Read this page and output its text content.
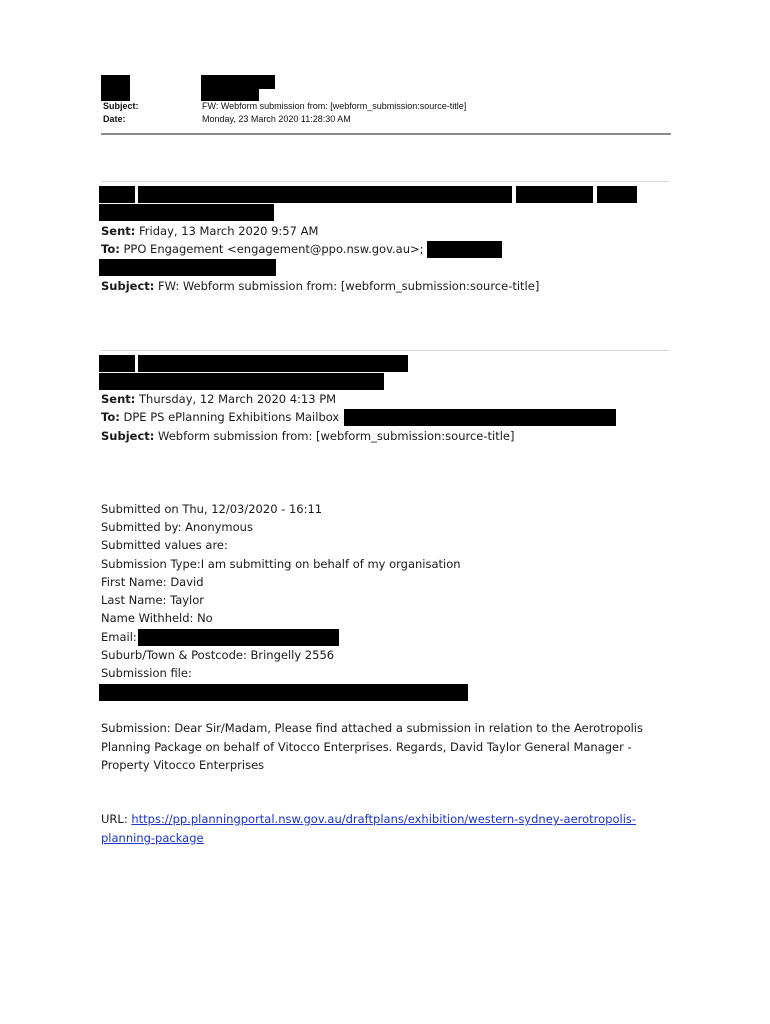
Subject:	FW: Webform submission from: [webform_submission:source-title]
Date:	Monday, 23 March 2020 11:28:30 AM
Sent: Friday, 13 March 2020 9:57 AM
To: PPO Engagement <engagement@ppo.nsw.gov.au>;
Subject: FW: Webform submission from: [webform_submission:source-title]
Sent: Thursday, 12 March 2020 4:13 PM
To: DPE PS ePlanning Exhibitions Mailbox
Subject: Webform submission from: [webform_submission:source-title]
Submitted on Thu, 12/03/2020 - 16:11
Submitted by: Anonymous
Submitted values are:
Submission Type:I am submitting on behalf of my organisation
First Name: David
Last Name: Taylor
Name Withheld: No
Email:
Suburb/Town & Postcode: Bringelly 2556
Submission file:
Submission: Dear Sir/Madam, Please find attached a submission in relation to the Aerotropolis Planning Package on behalf of Vitocco Enterprises. Regards, David Taylor General Manager - Property Vitocco Enterprises
URL: https://pp.planningportal.nsw.gov.au/draftplans/exhibition/western-sydney-aerotropolis-planning-package
